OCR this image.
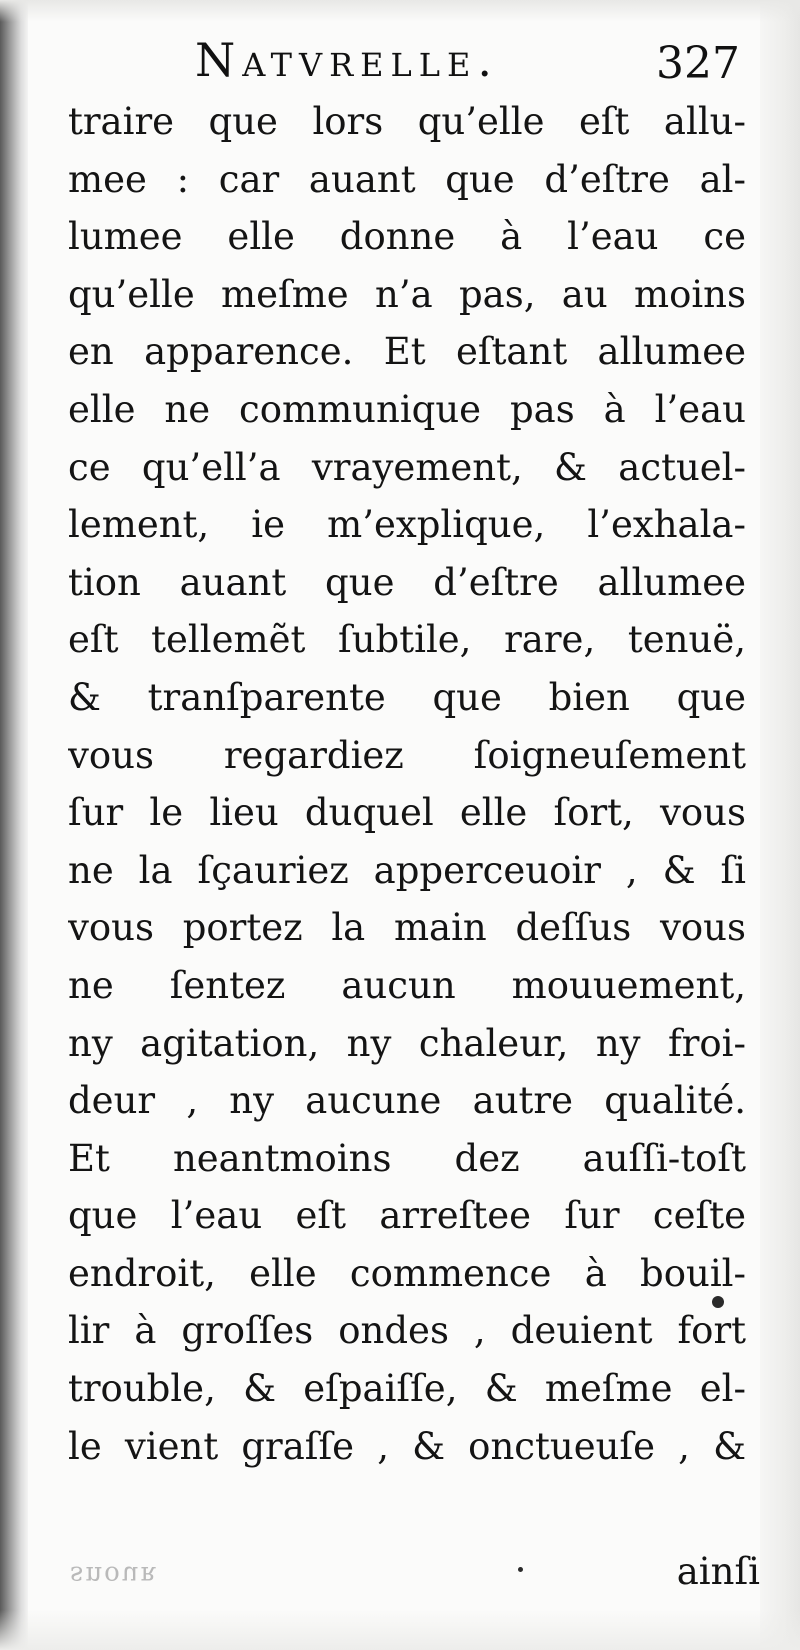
Natvrelle.	327
traire que lors qu’elle eſt allu-
mee : car auant que d’eſtre al-
lumee elle donne à l’eau ce
qu’elle meſme n’a pas, au moins
en apparence. Et eſtant allumee
elle ne communique pas à l’eau
ce qu’ell’a vrayement, & actuel-
lement, ie m’explique, l’exhala-
tion auant que d’eſtre allumee
eſt tellemẽt ſubtile, rare, tenuë,
& tranſparente que bien que
vous regardiez ſoigneuſement
ſur le lieu duquel elle ſort, vous
ne la ſçauriez apperceuoir , & ſi
vous portez la main deſſus vous
ne ſentez aucun mouuement,
ny agitation, ny chaleur, ny froi-
deur , ny aucune autre qualité.
Et neantmoins dez auſſi-toſt
que l’eau eſt arreſtee ſur ceſte
endroit, elle commence à bouil-
lir à groſſes ondes , deuient fort
trouble, & eſpaiſſe, & meſme el-
le vient graſſe , & onctueuſe , &
snouʀ	ainſi
